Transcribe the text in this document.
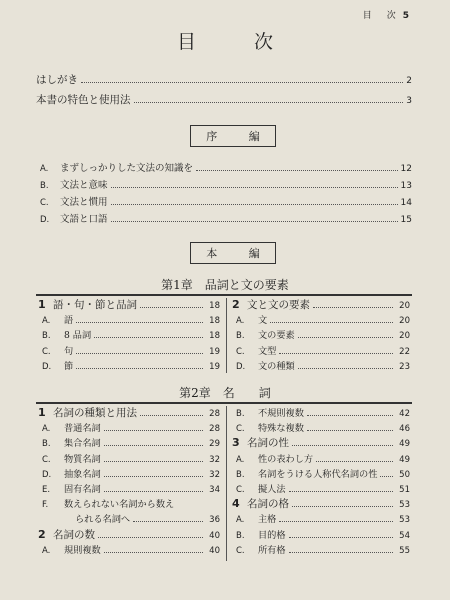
目　次 5
目 次
はしがき	2
本書の特色と使用法	3
序 編
A.	まずしっかりした文法の知識を	12
B.	文法と意味	13
C.	文法と慣用	14
D.	文語と口語	15
本 編
第1章　品詞と文の要素
1 語・句・節と品詞	18
A.	語	18
B.	8 品詞	18
C.	句	19
D.	節	19
2 文と文の要素	20
A.	文	20
B.	文の要素	20
C.	文型	22
D.	文の種類	23
第2章　名　　詞
1 名詞の種類と用法	28
A.	普通名詞	28
B.	集合名詞	29
C.	物質名詞	32
D.	抽象名詞	32
E.	固有名詞	34
F.	数えられない名詞から数え
られる名詞へ	36
2 名詞の数	40
A.	規則複数	40
B.	不規則複数	42
C.	特殊な複数	46
3 名詞の性	49
A.	性の表わし方	49
B.	名詞をうける人称代名詞の性	50
C.	擬人法	51
4 名詞の格	53
A.	主格	53
B.	目的格	54
C.	所有格	55
